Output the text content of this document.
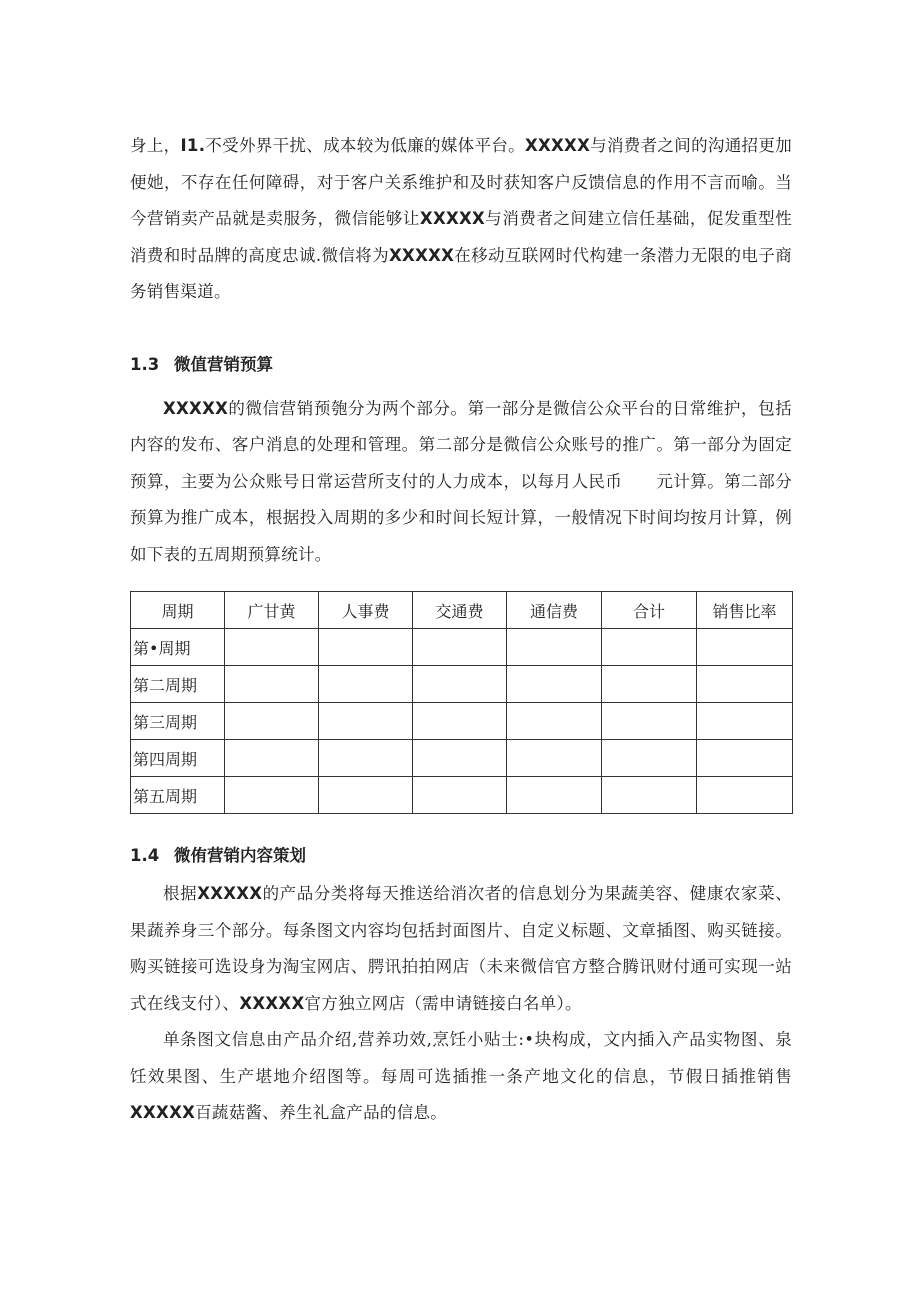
身上，I1.不受外界干扰、成本较为低廉的媒体平台。XXXXX与消费者之间的沟通招更加便她，不存在任何障碍，对于客户关系维护和及时获知客户反馈信息的作用不言而喻。当今营销卖产品就是卖服务，微信能够让XXXXX与消费者之间建立信任基础，促发重型性消费和时品牌的高度忠诚.微信将为XXXXX在移动互联网时代构建一条潜力无限的电子商务销售渠道。

1.3 微值营销预算

XXXXX的微信营销预匏分为两个部分。第一部分是微信公众平台的日常维护，包括内容的发布、客户消息的处理和管理。第二部分是微信公众账号的推广。第一部分为固定预算，主要为公众账号日常运营所支付的人力成本，以每月人民币　　元计算。第二部分预算为推广成本，根据投入周期的多少和时间长短计算，一般情况下时间均按月计算，例如下表的五周期预算统计。

周期	广甘黄	人事费	交通费	通信费	合计	销售比率
第•周期						
第二周期						
第三周期						
第四周期						
第五周期						
1.4 微侑营销内容策划

根据XXXXX的产品分类将每天推送给消次者的信息划分为果蔬美容、健康农家菜、果蔬养身三个部分。每条图文内容均包括封面图片、自定义标题、文章插图、购买链接。购买链接可选设身为淘宝网店、腭讯拍拍网店（未来微信官方整合腾讯财付通可实现一站式在线支付）、XXXXX官方独立网店（需申请链接白名单）。

单条图文信息由产品介绍,营养功效,烹饪小贴士:•块构成，文内插入产品实物图、泉饪效果图、生产堪地介绍图等。每周可选插推一条产地文化的信息，节假日插推销售XXXXX百蔬菇酱、养生礼盒产品的信息。
